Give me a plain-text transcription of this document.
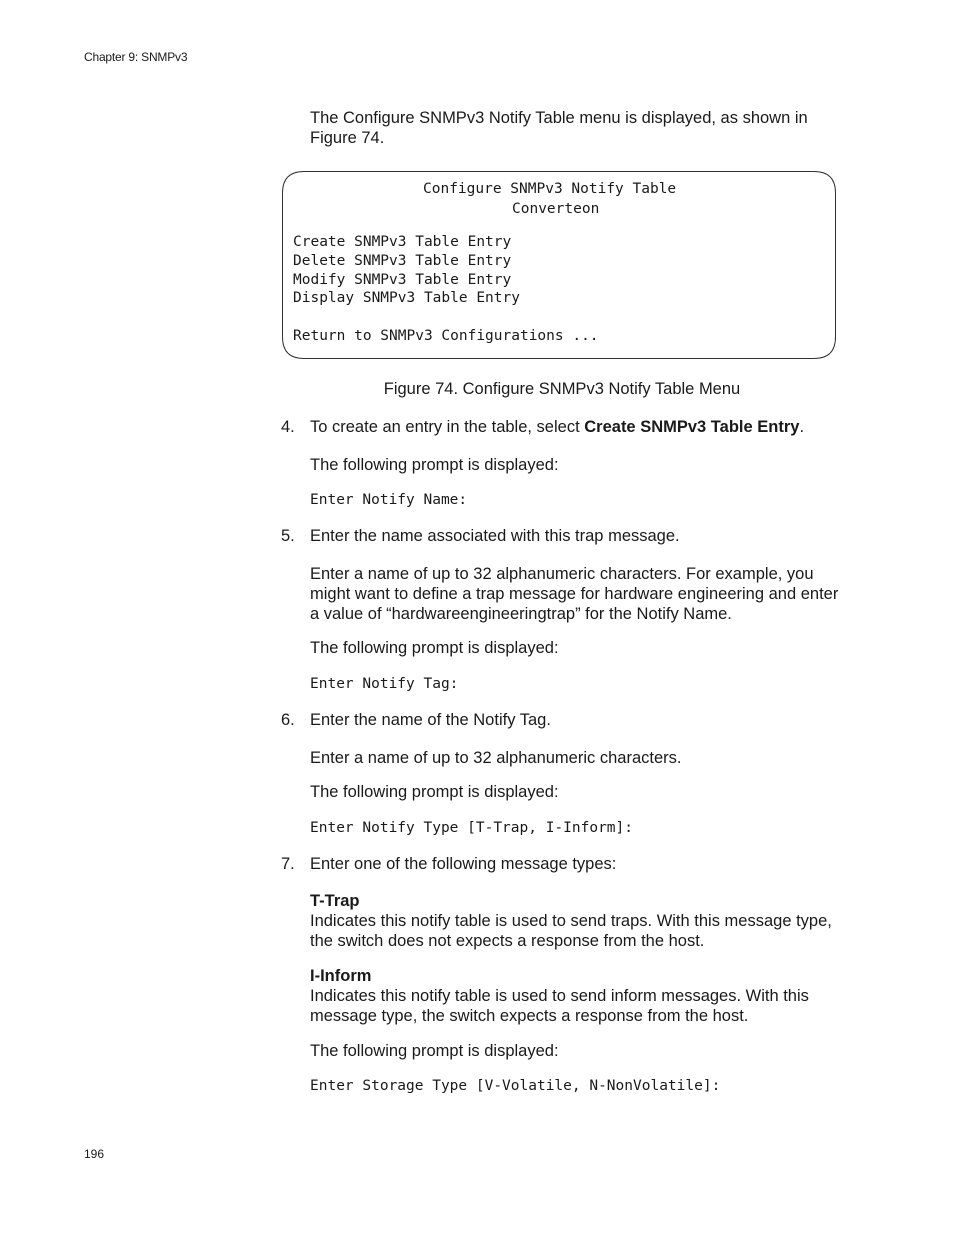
Chapter 9: SNMPv3
The Configure SNMPv3 Notify Table menu is displayed, as shown in Figure 74.
Configure SNMPv3 Notify Table
Converteon
Create SNMPv3 Table Entry
Delete SNMPv3 Table Entry
Modify SNMPv3 Table Entry
Display SNMPv3 Table Entry
Return to SNMPv3 Configurations ...
Figure 74. Configure SNMPv3 Notify Table Menu
4. To create an entry in the table, select Create SNMPv3 Table Entry.
The following prompt is displayed:
Enter Notify Name:
5. Enter the name associated with this trap message.
Enter a name of up to 32 alphanumeric characters. For example, you might want to define a trap message for hardware engineering and enter a value of “hardwareengineeringtrap” for the Notify Name.
The following prompt is displayed:
Enter Notify Tag:
6. Enter the name of the Notify Tag.
Enter a name of up to 32 alphanumeric characters.
The following prompt is displayed:
Enter Notify Type [T-Trap, I-Inform]:
7. Enter one of the following message types:
T-Trap
Indicates this notify table is used to send traps. With this message type, the switch does not expects a response from the host.
I-Inform
Indicates this notify table is used to send inform messages. With this message type, the switch expects a response from the host.
The following prompt is displayed:
Enter Storage Type [V-Volatile, N-NonVolatile]:
196
